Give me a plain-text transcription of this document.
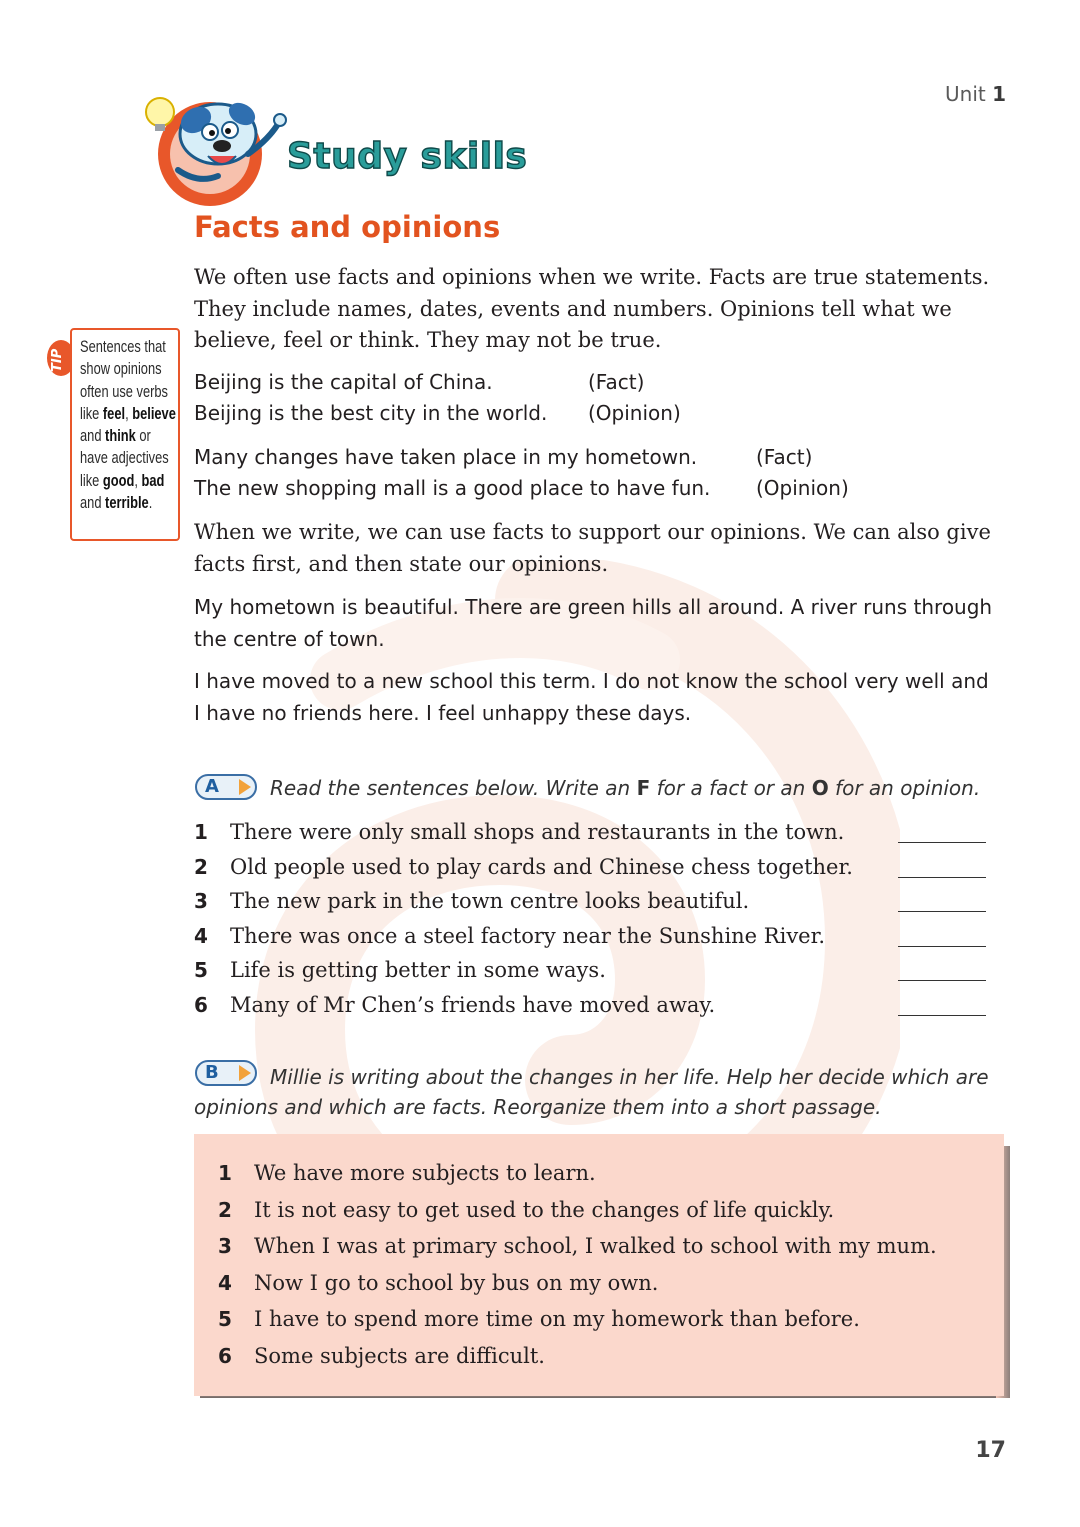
Unit 1
Study skills
Facts and opinions
We often use facts and opinions when we write. Facts are true statements. They include names, dates, events and numbers. Opinions tell what we believe, feel or think. They may not be true.
Beijing is the capital of China.	(Fact)
Beijing is the best city in the world. (Opinion)
Many changes have taken place in my hometown.	(Fact)
The new shopping mall is a good place to have fun. (Opinion)
When we write, we can use facts to support our opinions. We can also give facts first, and then state our opinions.
My hometown is beautiful. There are green hills all around. A river runs through the centre of town.
I have moved to a new school this term. I do not know the school very well and I have no friends here. I feel unhappy these days.
TIP
Sentences that show opinions often use verbs like feel, believe and think or have adjectives like good, bad and terrible.
A	Read the sentences below. Write an F for a fact or an O for an opinion.
1 There were only small shops and restaurants in the town.
2 Old people used to play cards and Chinese chess together.
3 The new park in the town centre looks beautiful.
4 There was once a steel factory near the Sunshine River.
5 Life is getting better in some ways.
6 Many of Mr Chen’s friends have moved away.
B	Millie is writing about the changes in her life. Help her decide which are
opinions and which are facts. Reorganize them into a short passage.
1 We have more subjects to learn.
2 It is not easy to get used to the changes of life quickly.
3 When I was at primary school, I walked to school with my mum.
4 Now I go to school by bus on my own.
5 I have to spend more time on my homework than before.
6 Some subjects are difficult.
17
